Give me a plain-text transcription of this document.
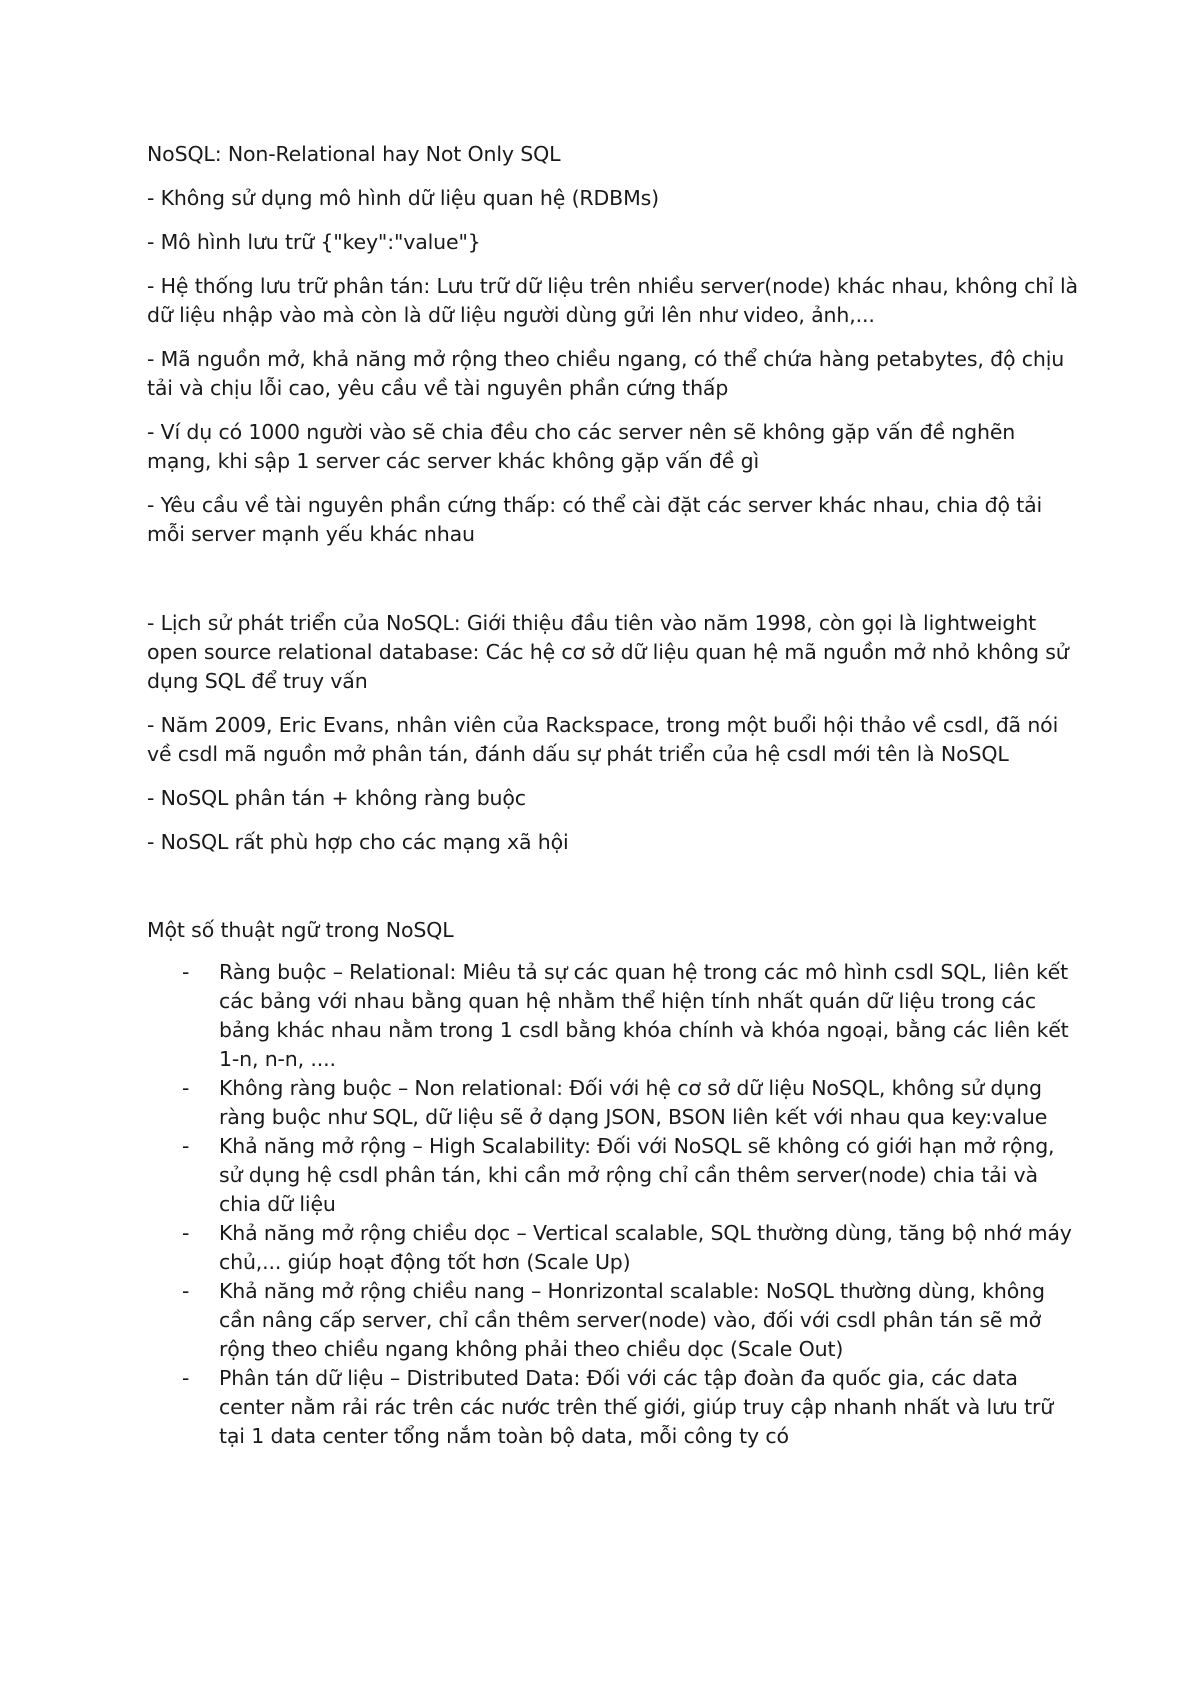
NoSQL: Non-Relational hay Not Only SQL

- Không sử dụng mô hình dữ liệu quan hệ (RDBMs)

- Mô hình lưu trữ {"key":"value"}

- Hệ thống lưu trữ phân tán: Lưu trữ dữ liệu trên nhiều server(node) khác nhau, không chỉ là dữ liệu nhập vào mà còn là dữ liệu người dùng gửi lên như video, ảnh,...

- Mã nguồn mở, khả năng mở rộng theo chiều ngang, có thể chứa hàng petabytes, độ chịu tải và chịu lỗi cao, yêu cầu về tài nguyên phần cứng thấp

- Ví dụ có 1000 người vào sẽ chia đều cho các server nên sẽ không gặp vấn đề nghẽn mạng, khi sập 1 server các server khác không gặp vấn đề gì

- Yêu cầu về tài nguyên phần cứng thấp: có thể cài đặt các server khác nhau, chia độ tải mỗi server mạnh yếu khác nhau

- Lịch sử phát triển của NoSQL: Giới thiệu đầu tiên vào năm 1998, còn gọi là lightweight open source relational database: Các hệ cơ sở dữ liệu quan hệ mã nguồn mở nhỏ không sử dụng SQL để truy vấn

- Năm 2009, Eric Evans, nhân viên của Rackspace, trong một buổi hội thảo về csdl, đã nói về csdl mã nguồn mở phân tán, đánh dấu sự phát triển của hệ csdl mới tên là NoSQL

- NoSQL phân tán + không ràng buộc

- NoSQL rất phù hợp cho các mạng xã hội

Một số thuật ngữ trong NoSQL

- Ràng buộc – Relational: Miêu tả sự các quan hệ trong các mô hình csdl SQL, liên kết các bảng với nhau bằng quan hệ nhằm thể hiện tính nhất quán dữ liệu trong các bảng khác nhau nằm trong 1 csdl bằng khóa chính và khóa ngoại, bằng các liên kết 1-n, n-n, ....
- Không ràng buộc – Non relational: Đối với hệ cơ sở dữ liệu NoSQL, không sử dụng ràng buộc như SQL, dữ liệu sẽ ở dạng JSON, BSON liên kết với nhau qua key:value
- Khả năng mở rộng – High Scalability: Đối với NoSQL sẽ không có giới hạn mở rộng, sử dụng hệ csdl phân tán, khi cần mở rộng chỉ cần thêm server(node) chia tải và chia dữ liệu
- Khả năng mở rộng chiều dọc – Vertical scalable, SQL thường dùng, tăng bộ nhớ máy chủ,... giúp hoạt động tốt hơn (Scale Up)
- Khả năng mở rộng chiều nang – Honrizontal scalable: NoSQL thường dùng, không cần nâng cấp server, chỉ cần thêm server(node) vào, đối với csdl phân tán sẽ mở rộng theo chiều ngang không phải theo chiều dọc (Scale Out)
- Phân tán dữ liệu – Distributed Data: Đối với các tập đoàn đa quốc gia, các data center nằm rải rác trên các nước trên thế giới, giúp truy cập nhanh nhất và lưu trữ tại 1 data center tổng nắm toàn bộ data, mỗi công ty có
